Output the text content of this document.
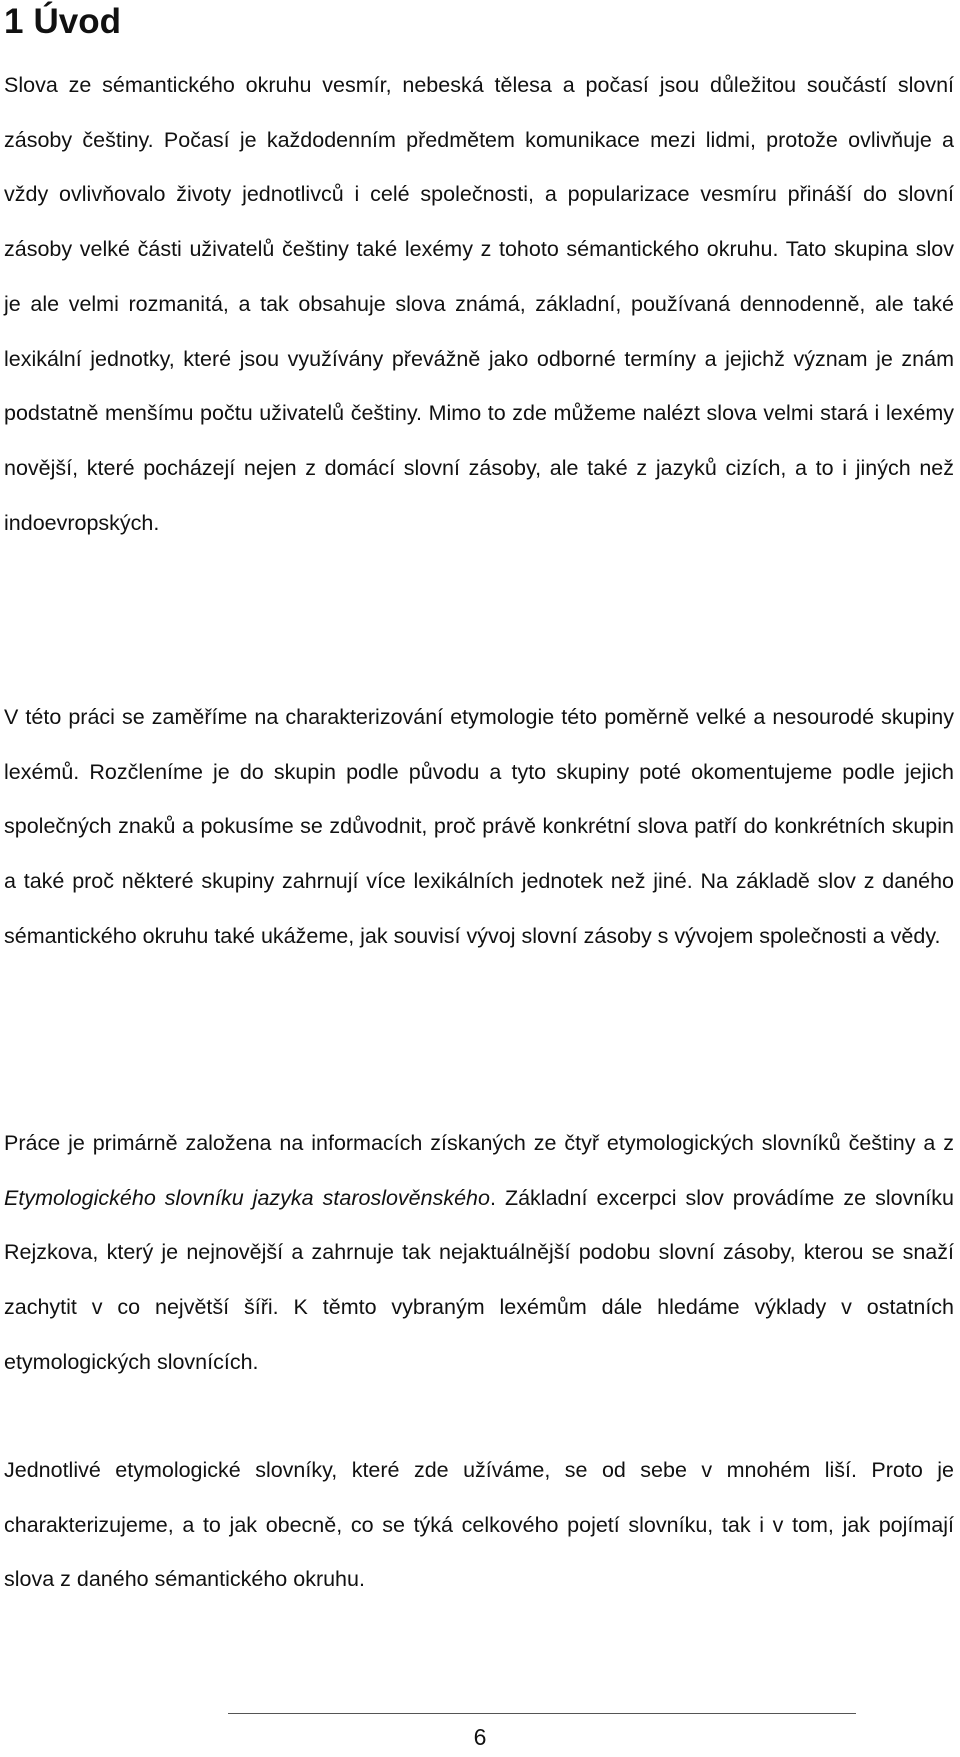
1 Úvod

Slova ze sémantického okruhu vesmír, nebeská tělesa a počasí jsou důležitou součástí slovní zásoby češtiny. Počasí je každodenním předmětem komunikace mezi lidmi, protože ovlivňuje a vždy ovlivňovalo životy jednotlivců i celé společnosti, a popularizace vesmíru přináší do slovní zásoby velké části uživatelů češtiny také lexémy z tohoto sémantického okruhu. Tato skupina slov je ale velmi rozmanitá, a tak obsahuje slova známá, základní, používaná dennodenně, ale také lexikální jednotky, které jsou využívány převážně jako odborné termíny a jejichž význam je znám podstatně menšímu počtu uživatelů češtiny. Mimo to zde můžeme nalézt slova velmi stará i lexémy novější, které pocházejí nejen z domácí slovní zásoby, ale také z jazyků cizích, a to i jiných než indoevropských.

V této práci se zaměříme na charakterizování etymologie této poměrně velké a nesourodé skupiny lexémů. Rozčleníme je do skupin podle původu a tyto skupiny poté okomentujeme podle jejich společných znaků a pokusíme se zdůvodnit, proč právě konkrétní slova patří do konkrétních skupin a také proč některé skupiny zahrnují více lexikálních jednotek než jiné. Na základě slov z daného sémantického okruhu také ukážeme, jak souvisí vývoj slovní zásoby s vývojem společnosti a vědy.

Práce je primárně založena na informacích získaných ze čtyř etymologických slovníků češtiny a z Etymologického slovníku jazyka staroslověnského. Základní excerpci slov provádíme ze slovníku Rejzkova, který je nejnovější a zahrnuje tak nejaktuálnější podobu slovní zásoby, kterou se snaží zachytit v co největší šíři. K těmto vybraným lexémům dále hledáme výklady v ostatních etymologických slovnících.

Jednotlivé etymologické slovníky, které zde užíváme, se od sebe v mnohém liší. Proto je charakterizujeme, a to jak obecně, co se týká celkového pojetí slovníku, tak i v tom, jak pojímají slova z daného sémantického okruhu.

6
